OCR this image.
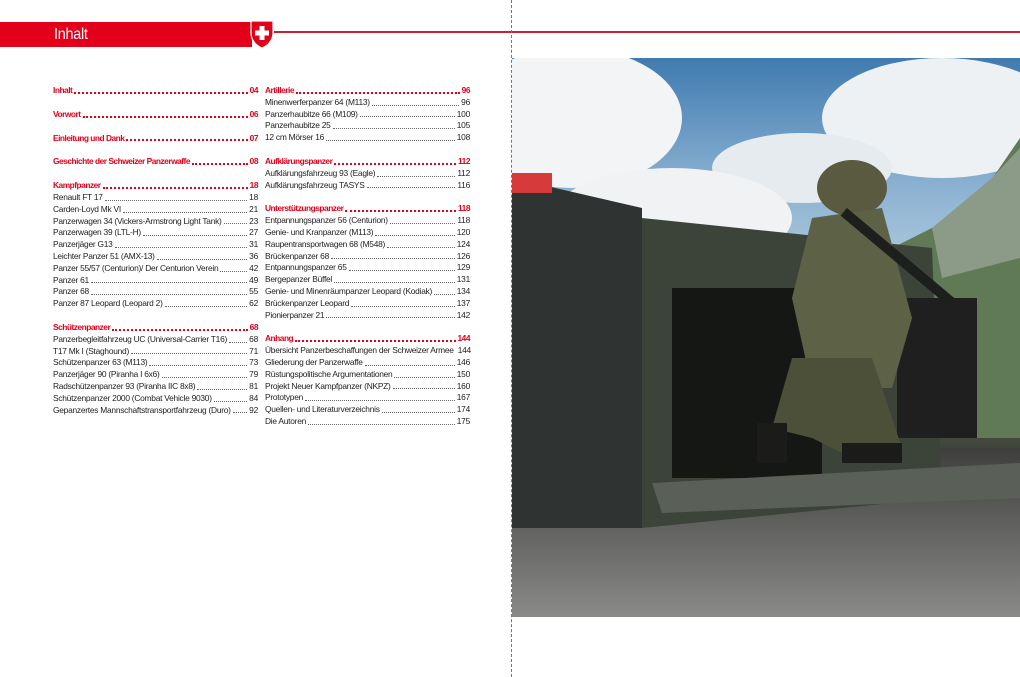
Inhalt
Inhalt	04
Vorwort	06
Einleitung und Dank	07
Geschichte der Schweizer Panzerwaffe	08
Kampfpanzer	18
Renault FT 17	18
Carden-Loyd Mk VI	21
Panzerwagen 34 (Vickers-Armstrong Light Tank)	23
Panzerwagen 39 (LTL-H)	27
Panzerjäger G13	31
Leichter Panzer 51 (AMX-13)	36
Panzer 55/57 (Centurion)/ Der Centurion Verein	42
Panzer 61	49
Panzer 68	55
Panzer 87 Leopard (Leopard 2)	62
Schützenpanzer	68
Panzerbegleitfahrzeug UC (Universal-Carrier T16)	68
T17 Mk I (Staghound)	71
Schützenpanzer 63 (M113)	73
Panzerjäger 90 (Piranha I 6x6)	79
Radschützenpanzer 93 (Piranha IIC 8x8)	81
Schützenpanzer 2000 (Combat Vehicle 9030)	84
Gepanzertes Mannschaftstransportfahrzeug (Duro) 92
Artillerie	96
Minenwerferpanzer 64 (M113)	96
Panzerhaubitze 66 (M109)	100
Panzerhaubitze 25	105
12 cm Mörser 16	108
Aufklärungspanzer	112
Aufklärungsfahrzeug 93 (Eagle)	112
Aufklärungsfahrzeug TASYS	116
Unterstützungspanzer	118
Entpannungspanzer 56 (Centurion)	118
Genie- und Kranpanzer (M113)	120
Raupentransportwagen 68 (M548)	124
Brückenpanzer 68	126
Entpannungspanzer 65	129
Bergepanzer Büffel	131
Genie- und Minenräumpanzer Leopard (Kodiak)	134
Brückenpanzer Leopard	137
Pionierpanzer 21	142
Anhang	144
Übersicht Panzerbeschaffungen der Schweizer Armee 144
Gliederung der Panzerwaffe	146
Rüstungspolitische Argumentationen	150
Projekt Neuer Kampfpanzer (NKPZ)	160
Prototypen	167
Quellen- und Literaturverzeichnis	174
Die Autoren	175
